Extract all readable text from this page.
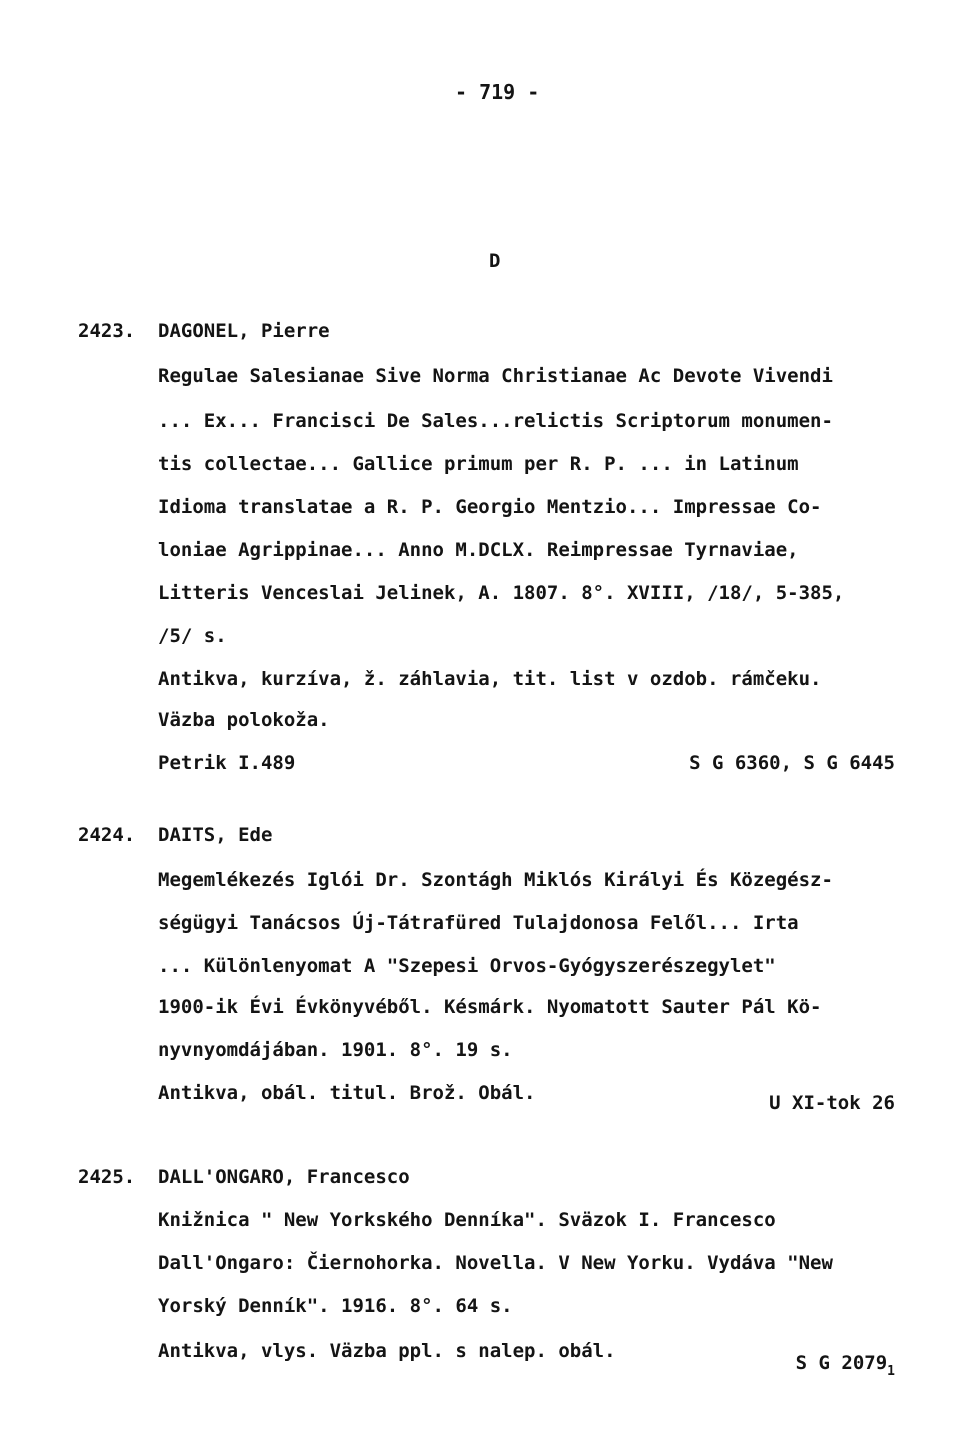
- 719 -
D
2423. DAGONEL, Pierre
Regulae Salesianae Sive Norma Christianae Ac Devote Vivendi
... Ex... Francisci De Sales...relictis Scriptorum monumen-
tis collectae... Gallice primum per R. P. ... in Latinum
Idioma translatae a R. P. Georgio Mentzio... Impressae Co-
loniae Agrippinae... Anno M.DCLX. Reimpressae Tyrnaviae,
Litteris Venceslai Jelinek, A. 1807. 8°. XVIII, /18/, 5-385,
/5/ s.
Antikva, kurzíva, ž. záhlavia, tit. list v ozdob. rámčeku.
Väzba polokoža.
Petrik I.489	S G 6360, S G 6445
2424. DAITS, Ede
Megemlékezés Iglói Dr. Szontágh Miklós Királyi És Közegész-
ségügyi Tanácsos Új-Tátrafüred Tulajdonosa Felől... Irta
... Különlenyomat A "Szepesi Orvos-Gyógyszerészegylet"
1900-ik Évi Évkönyvéből. Késmárk. Nyomatott Sauter Pál Kö-
nyvnyomdájában. 1901. 8°. 19 s.
Antikva, obál. titul. Brož. Obál.	U XI-tok 26
2425. DALL'ONGARO, Francesco
Knižnica " New Yorkského Denníka". Sväzok I. Francesco
Dall'Ongaro: Čiernohorka. Novella. V New Yorku. Vydáva "New
Yorský Denník". 1916. 8°. 64 s.
Antikva, vlys. Väzba ppl. s nalep. obál.
S G $2079_1$
